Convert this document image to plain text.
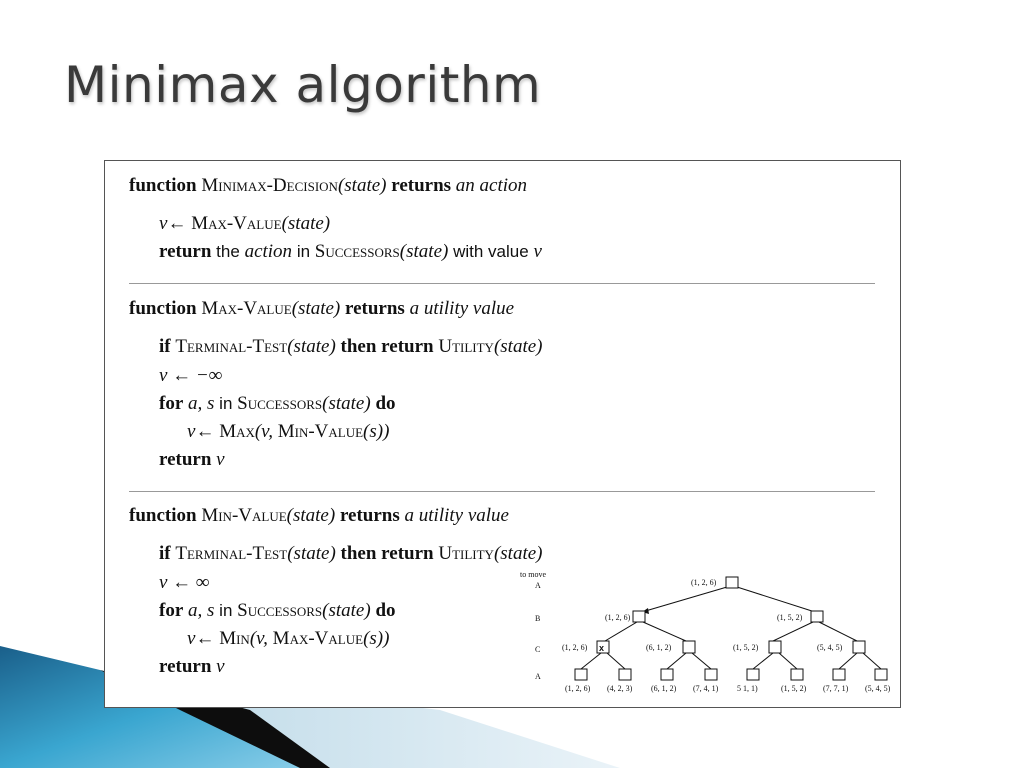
Minimax algorithm
function Minimax-Decision(state) returns an action
v← Max-Value(state)
return the action in Successors(state) with value v
function Max-Value(state) returns a utility value
if Terminal-Test(state) then return Utility(state)
v ← −∞
for a, s in Successors(state) do
v← Max(v, Min-Value(s))
return v
function Min-Value(state) returns a utility value
if Terminal-Test(state) then return Utility(state)
v ← ∞
for a, s in Successors(state) do
v← Min(v, Max-Value(s))
return v
to move
A
B
C
A
(1, 2, 6)
(1, 2, 6)	(1, 5, 2)
(1, 2, 6)	(6, 1, 2)	(1, 5, 2)	(5, 4, 5)
(1, 2, 6) (4, 2, 3) (6, 1, 2) (7, 4, 1) 5 1, 1)	(1, 5, 2) (7, 7, 1) (5, 4, 5)
x
